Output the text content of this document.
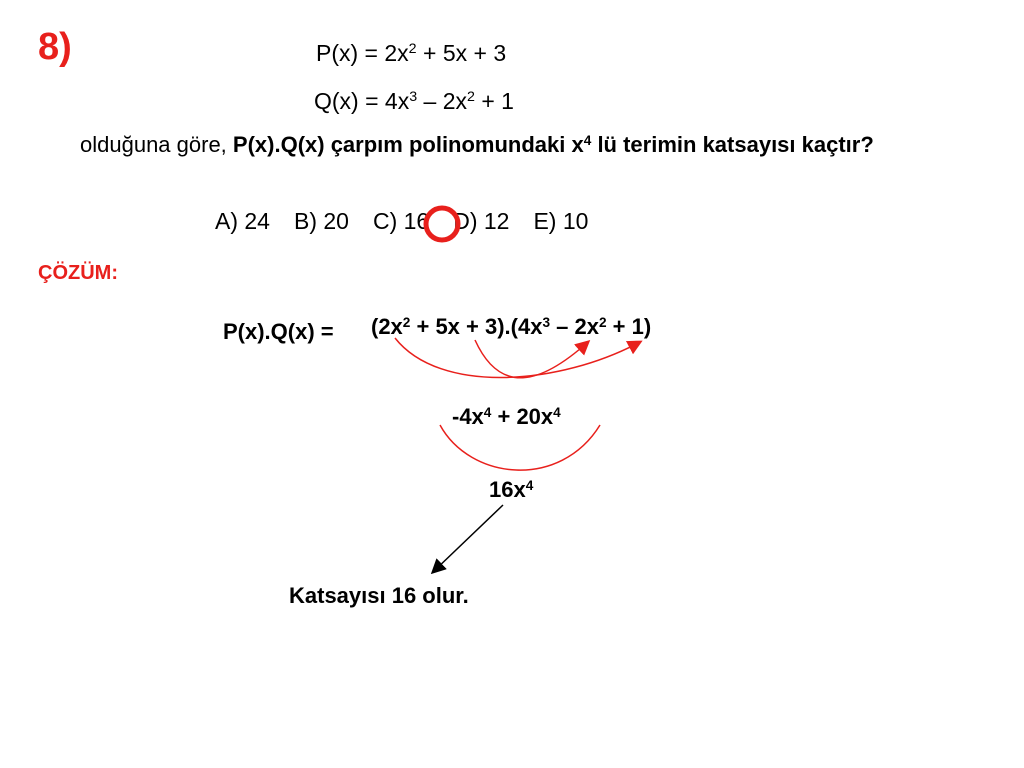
8)	$P(x) = 2x^2 + 5x + 3$
$Q(x) = 4x^3 - 2x^2 + 1$
olduğuna göre, P(x).Q(x) çarpım polinomundaki $x^4$ lü terimin katsayısı kaçtır?
A) 24 B) 20 C) 16 D) 12 E) 10
ÇÖZÜM:
$P(x).Q(x) = (2x^2 + 5x + 3).(4x^3 - 2x^2 + 1)$
$-4x^4 + 20x^4$
$16x^4$
Katsayısı 16 olur.
